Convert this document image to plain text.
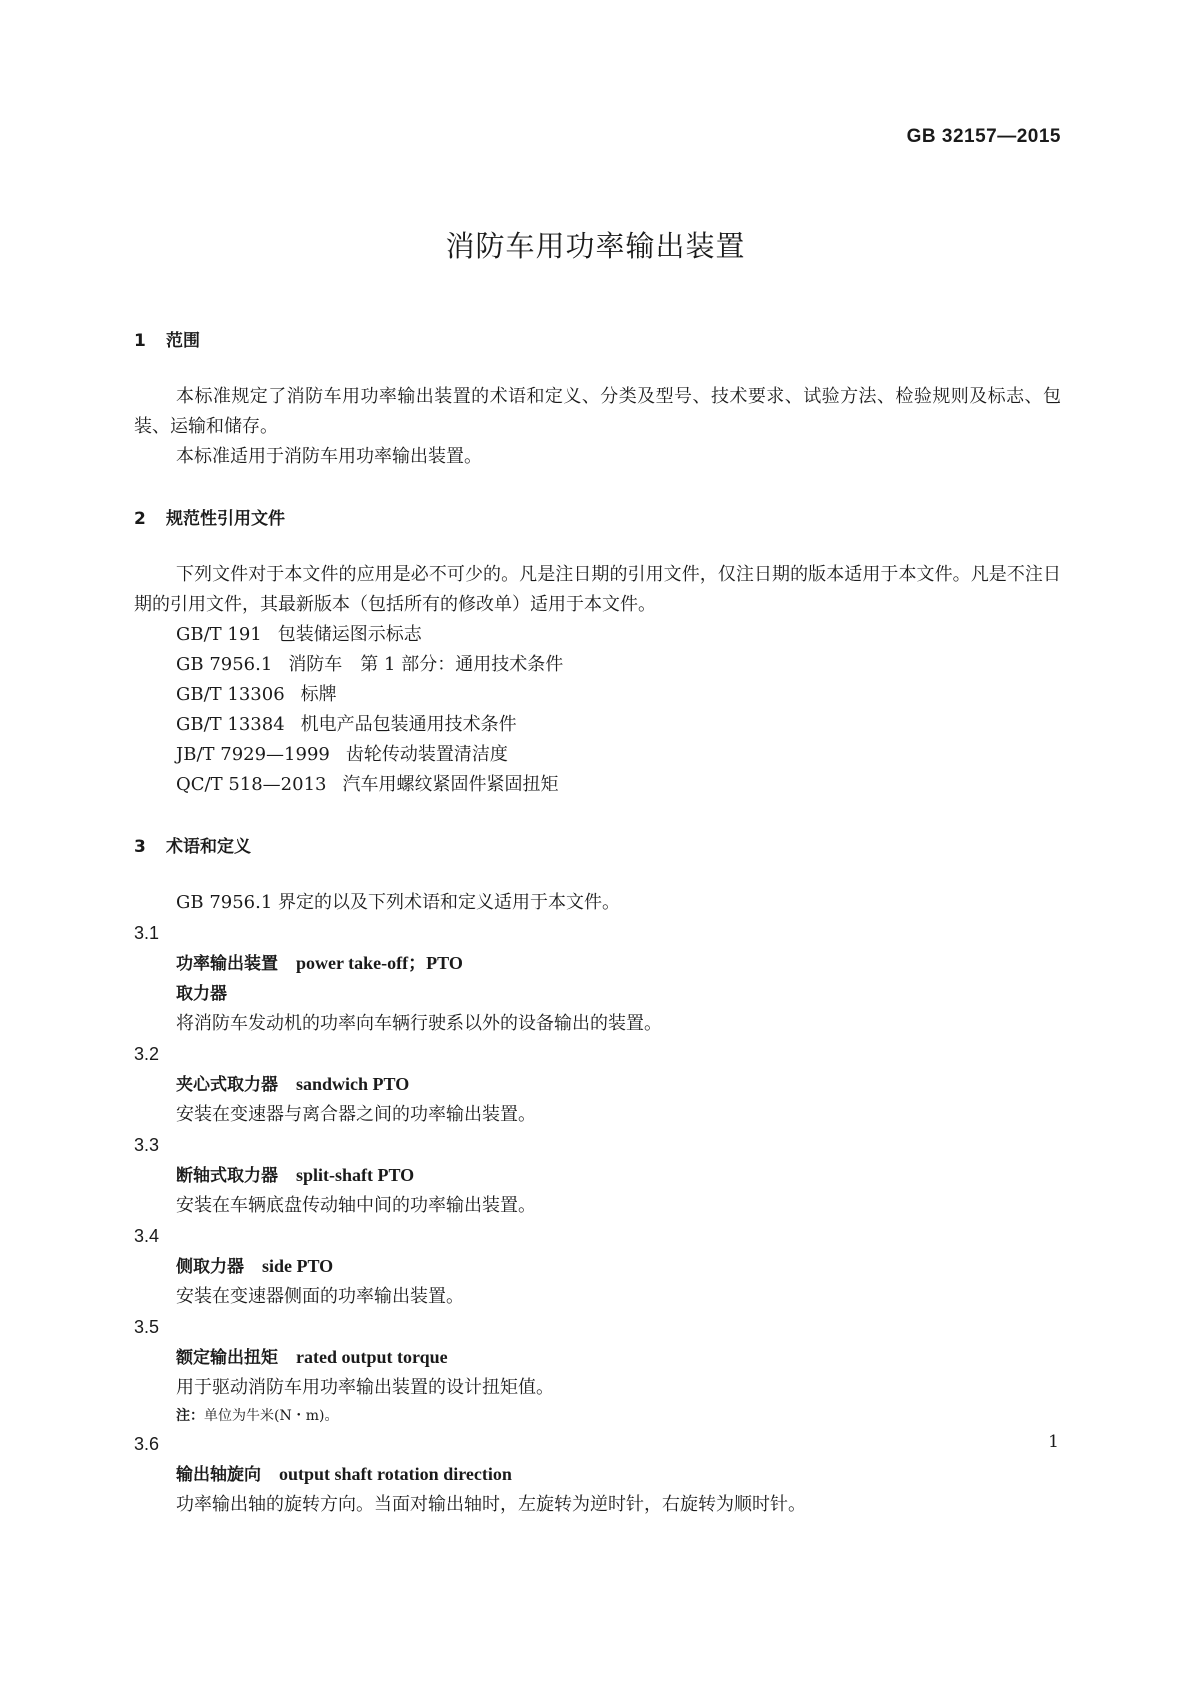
GB 32157—2015
消防车用功率输出装置
1 范围

本标准规定了消防车用功率输出装置的术语和定义、分类及型号、技术要求、试验方法、检验规则及标志、包装、运输和储存。

本标准适用于消防车用功率输出装置。

2 规范性引用文件

下列文件对于本文件的应用是必不可少的。凡是注日期的引用文件，仅注日期的版本适用于本文件。凡是不注日期的引用文件，其最新版本（包括所有的修改单）适用于本文件。

GB/T 191 包装储运图示标志
GB 7956.1 消防车　第 1 部分：通用技术条件
GB/T 13306 标牌
GB/T 13384 机电产品包装通用技术条件
JB/T 7929—1999 齿轮传动装置清洁度
QC/T 518—2013 汽车用螺纹紧固件紧固扭矩
3 术语和定义

GB 7956.1 界定的以及下列术语和定义适用于本文件。

3.1

功率输出装置 power take-off；PTO

取力器

将消防车发动机的功率向车辆行驶系以外的设备输出的装置。

3.2

夹心式取力器 sandwich PTO

安装在变速器与离合器之间的功率输出装置。

3.3

断轴式取力器 split-shaft PTO

安装在车辆底盘传动轴中间的功率输出装置。

3.4

侧取力器 side PTO

安装在变速器侧面的功率输出装置。

3.5

额定输出扭矩 rated output torque

用于驱动消防车用功率输出装置的设计扭矩值。

注：单位为牛米(N・m)。

3.6

输出轴旋向 output shaft rotation direction

功率输出轴的旋转方向。当面对输出轴时，左旋转为逆时针，右旋转为顺时针。

1
